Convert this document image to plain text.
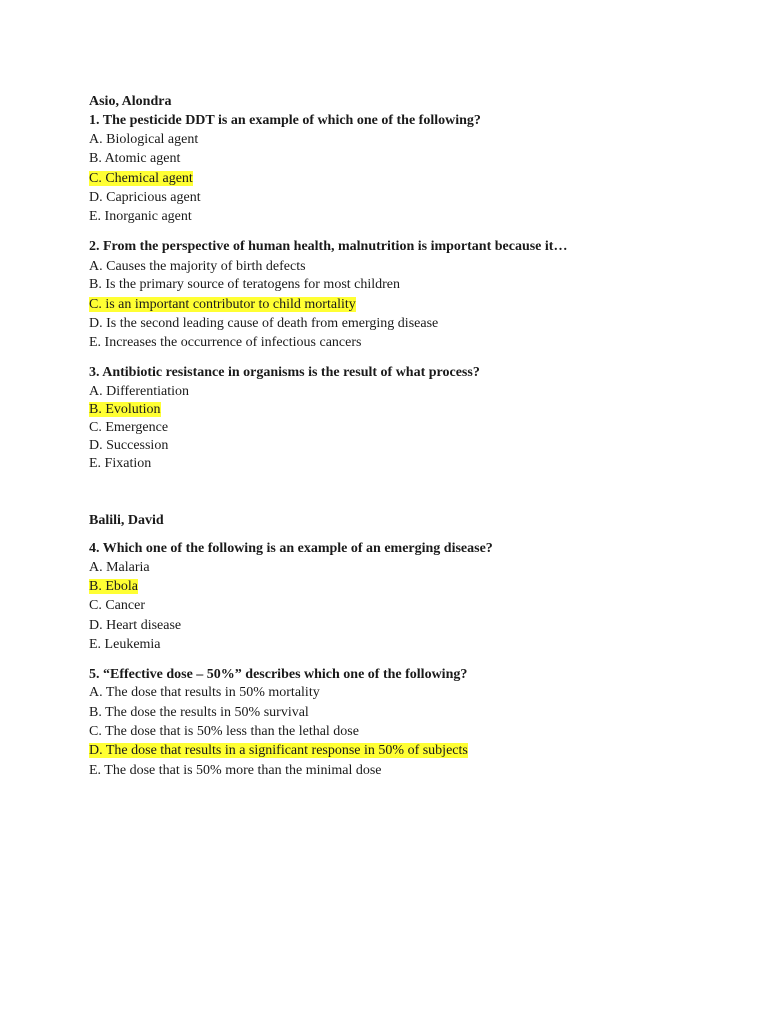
Asio, Alondra

1. The pesticide DDT is an example of which one of the following?

A. Biological agent

B. Atomic agent

C. Chemical agent

D. Capricious agent

E. Inorganic agent

2. From the perspective of human health, malnutrition is important because it…

A. Causes the majority of birth defects

B. Is the primary source of teratogens for most children

C. is an important contributor to child mortality

D. Is the second leading cause of death from emerging disease

E. Increases the occurrence of infectious cancers

3. Antibiotic resistance in organisms is the result of what process?

A. Differentiation

B. Evolution

C. Emergence

D. Succession

E. Fixation

Balili, David

4. Which one of the following is an example of an emerging disease?

A. Malaria

B. Ebola

C. Cancer

D. Heart disease

E. Leukemia

5. “Effective dose – 50%” describes which one of the following?

A. The dose that results in 50% mortality

B. The dose the results in 50% survival

C. The dose that is 50% less than the lethal dose

D. The dose that results in a significant response in 50% of subjects

E. The dose that is 50% more than the minimal dose
